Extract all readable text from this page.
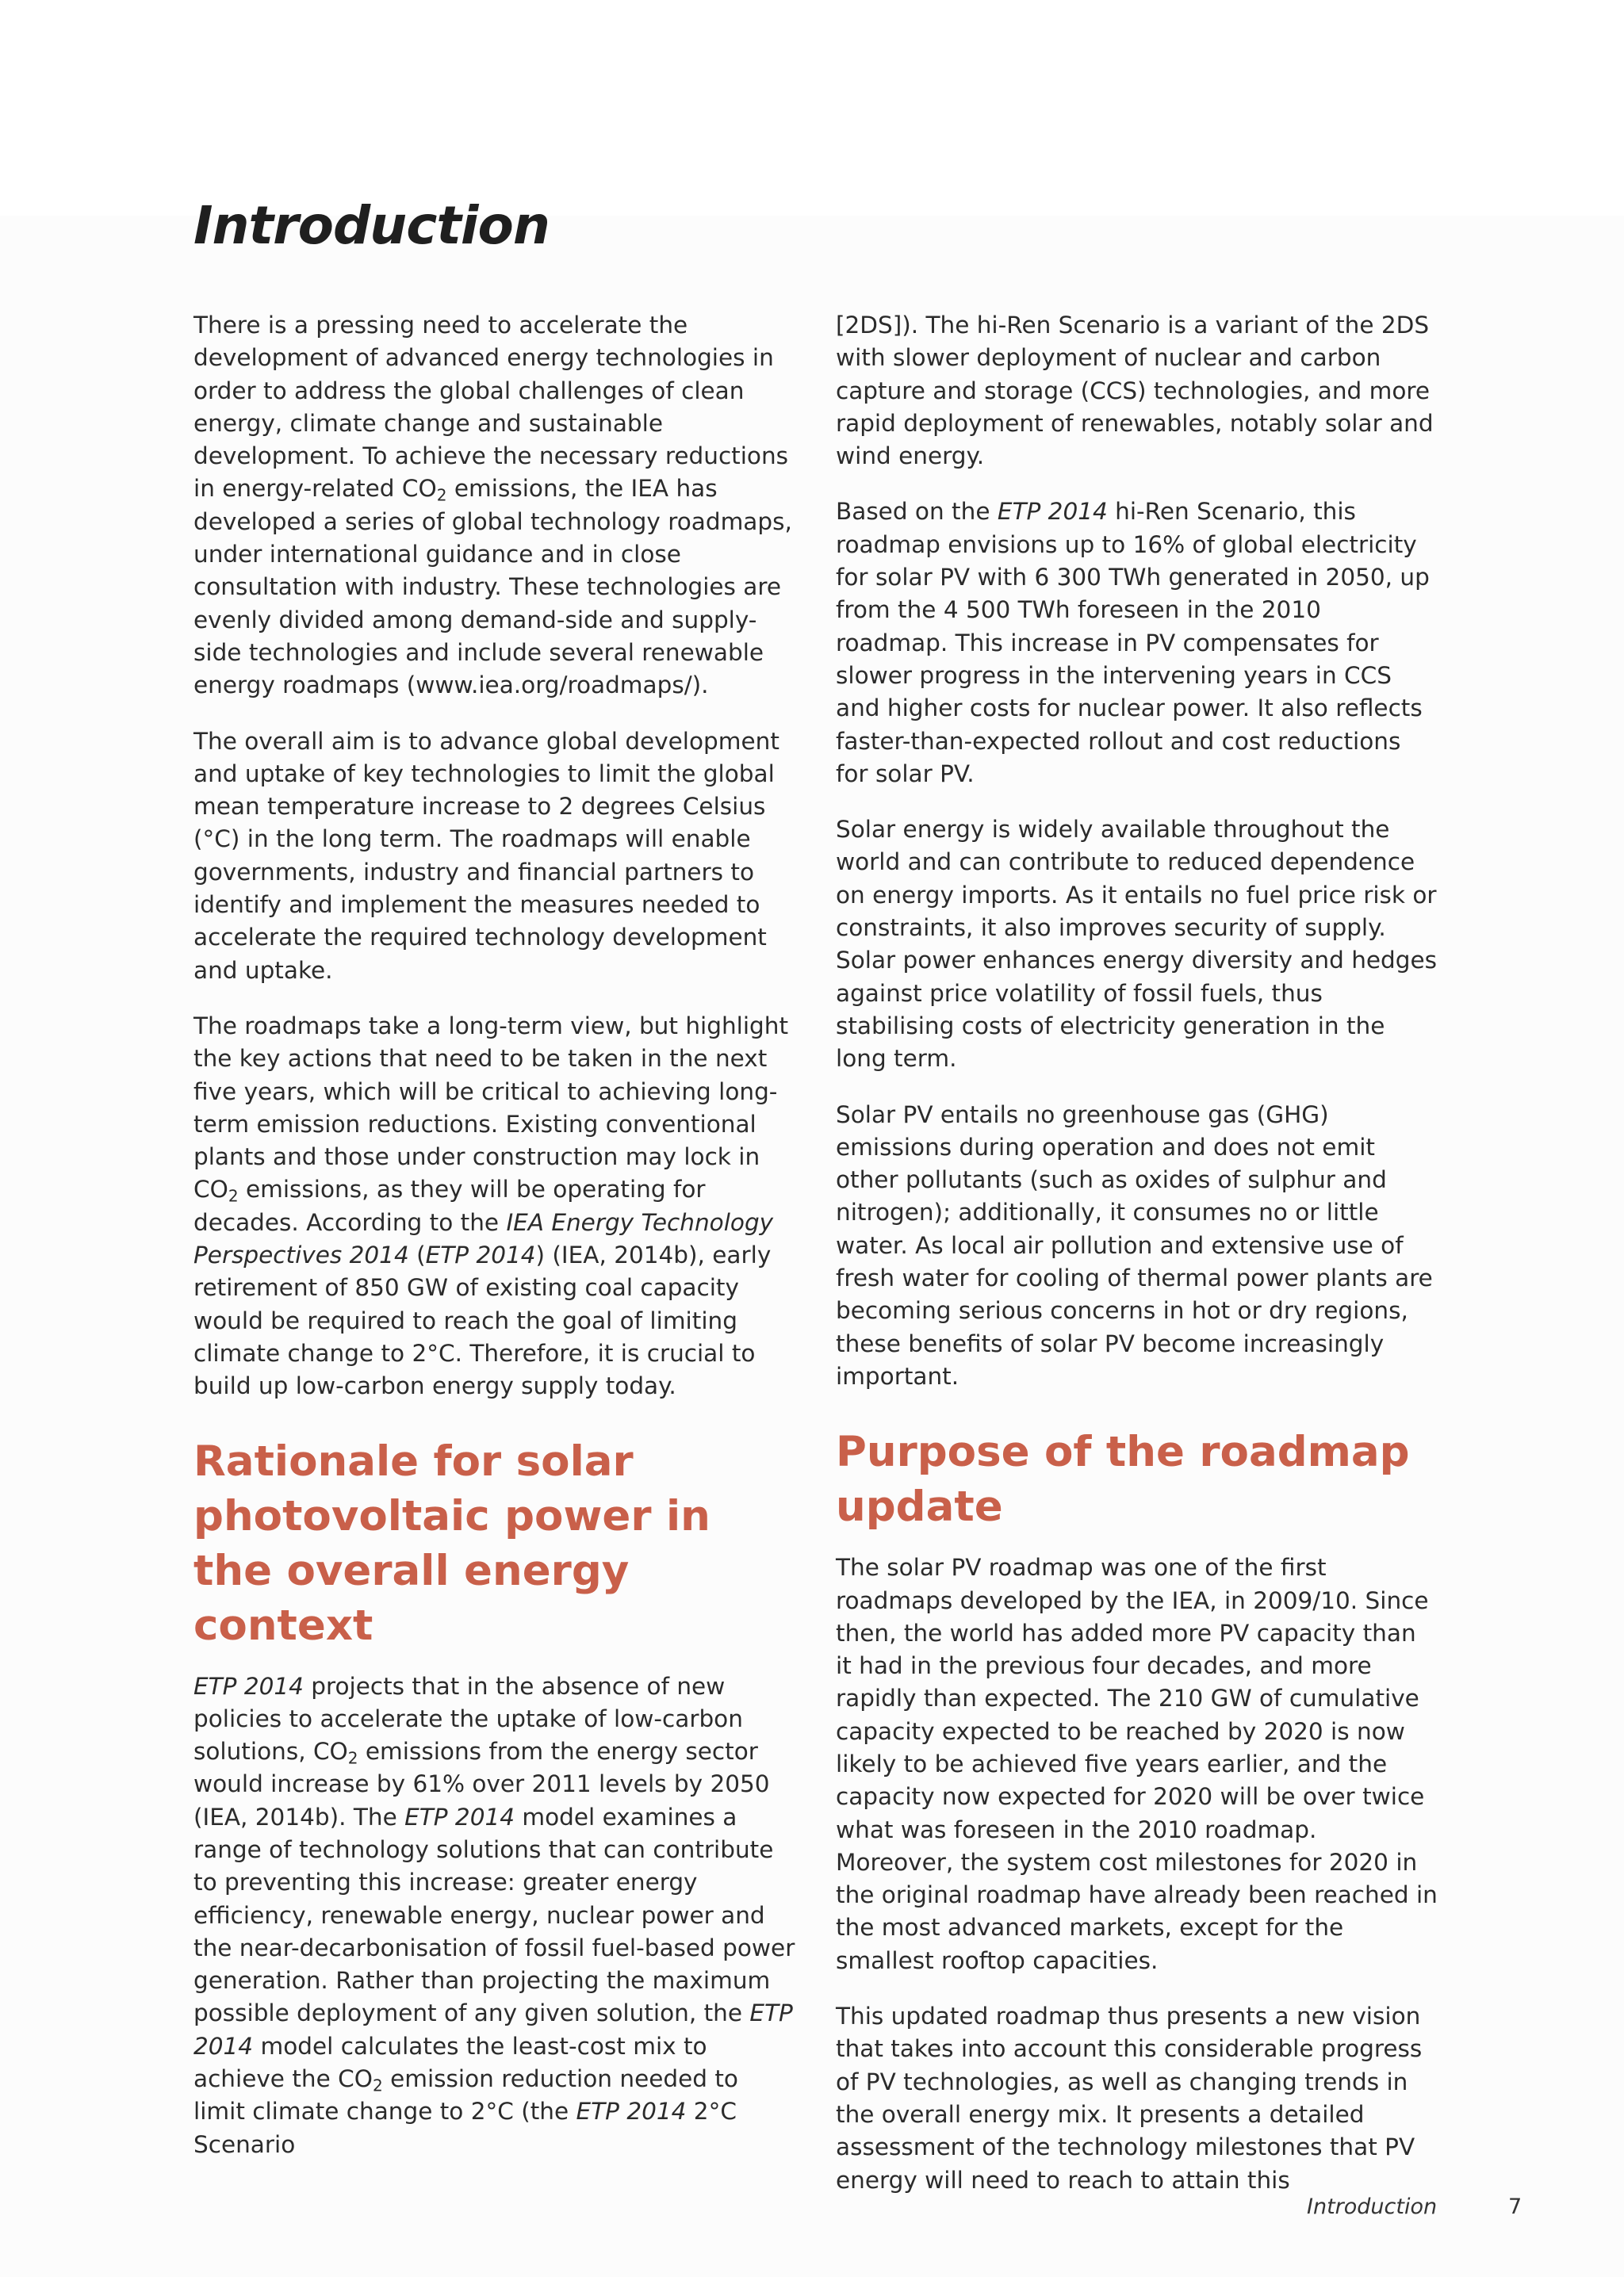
Introduction

There is a pressing need to accelerate the development of advanced energy technologies in order to address the global challenges of clean energy, climate change and sustainable development. To achieve the necessary reductions in energy-related $CO_2$ emissions, the IEA has developed a series of global technology roadmaps, under international guidance and in close consultation with industry. These technologies are evenly divided among demand-side and supply-side technologies and include several renewable energy roadmaps (www.iea.org/roadmaps/).

The overall aim is to advance global development and uptake of key technologies to limit the global mean temperature increase to 2 degrees Celsius (°C) in the long term. The roadmaps will enable governments, industry and financial partners to identify and implement the measures needed to accelerate the required technology development and uptake.

The roadmaps take a long-term view, but highlight the key actions that need to be taken in the next five years, which will be critical to achieving long-term emission reductions. Existing conventional plants and those under construction may lock in $CO_2$ emissions, as they will be operating for decades. According to the IEA Energy Technology Perspectives 2014 (ETP 2014) (IEA, 2014b), early retirement of 850 GW of existing coal capacity would be required to reach the goal of limiting climate change to 2°C. Therefore, it is crucial to build up low-carbon energy supply today.

Rationale for solar photovoltaic power in the overall energy context

ETP 2014 projects that in the absence of new policies to accelerate the uptake of low-carbon solutions, $CO_2$ emissions from the energy sector would increase by 61% over 2011 levels by 2050 (IEA, 2014b). The ETP 2014 model examines a range of technology solutions that can contribute to preventing this increase: greater energy efficiency, renewable energy, nuclear power and the near-decarbonisation of fossil fuel-based power generation. Rather than projecting the maximum possible deployment of any given solution, the ETP 2014 model calculates the least-cost mix to achieve the $CO_2$ emission reduction needed to limit climate change to 2°C (the ETP 2014 2°C Scenario

[2DS]). The hi-Ren Scenario is a variant of the 2DS with slower deployment of nuclear and carbon capture and storage (CCS) technologies, and more rapid deployment of renewables, notably solar and wind energy.

Based on the ETP 2014 hi-Ren Scenario, this roadmap envisions up to 16% of global electricity for solar PV with 6 300 TWh generated in 2050, up from the 4 500 TWh foreseen in the 2010 roadmap. This increase in PV compensates for slower progress in the intervening years in CCS and higher costs for nuclear power. It also reflects faster-than-expected rollout and cost reductions for solar PV.

Solar energy is widely available throughout the world and can contribute to reduced dependence on energy imports. As it entails no fuel price risk or constraints, it also improves security of supply. Solar power enhances energy diversity and hedges against price volatility of fossil fuels, thus stabilising costs of electricity generation in the long term.

Solar PV entails no greenhouse gas (GHG) emissions during operation and does not emit other pollutants (such as oxides of sulphur and nitrogen); additionally, it consumes no or little water. As local air pollution and extensive use of fresh water for cooling of thermal power plants are becoming serious concerns in hot or dry regions, these benefits of solar PV become increasingly important.

Purpose of the roadmap update

The solar PV roadmap was one of the first roadmaps developed by the IEA, in 2009/10. Since then, the world has added more PV capacity than it had in the previous four decades, and more rapidly than expected. The 210 GW of cumulative capacity expected to be reached by 2020 is now likely to be achieved five years earlier, and the capacity now expected for 2020 will be over twice what was foreseen in the 2010 roadmap. Moreover, the system cost milestones for 2020 in the original roadmap have already been reached in the most advanced markets, except for the smallest rooftop capacities.

This updated roadmap thus presents a new vision that takes into account this considerable progress of PV technologies, as well as changing trends in the overall energy mix. It presents a detailed assessment of the technology milestones that PV energy will need to reach to attain this

Introduction	7
